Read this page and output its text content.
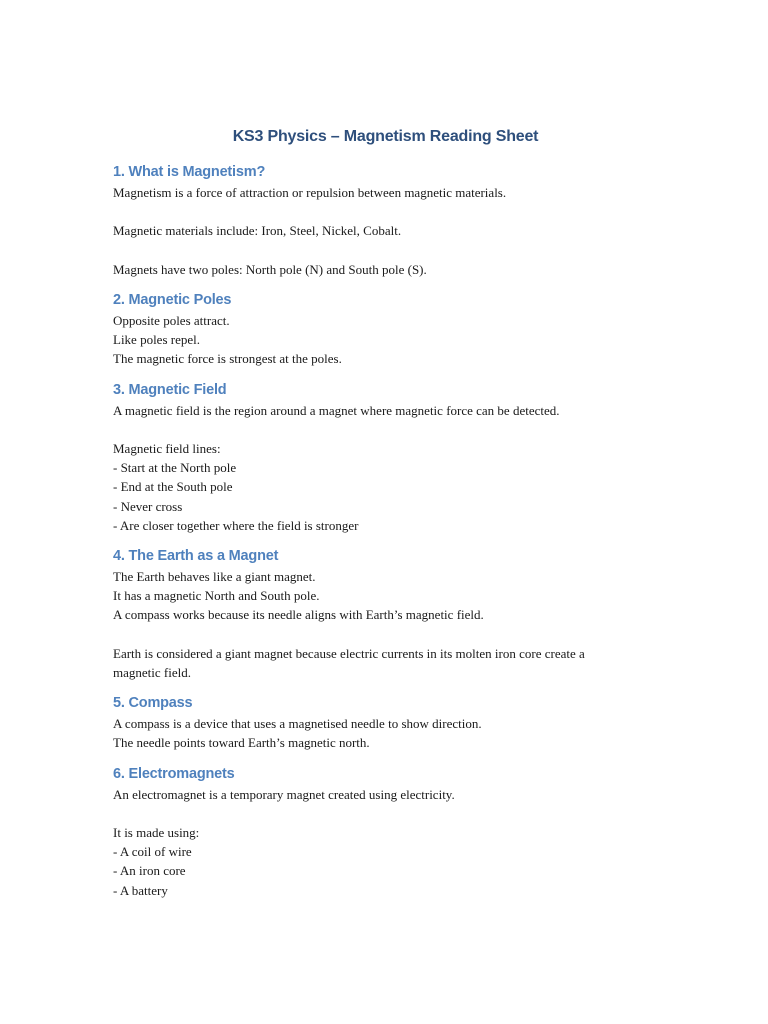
KS3 Physics – Magnetism Reading Sheet
1. What is Magnetism?

Magnetism is a force of attraction or repulsion between magnetic materials.

Magnetic materials include: Iron, Steel, Nickel, Cobalt.

Magnets have two poles: North pole (N) and South pole (S).

2. Magnetic Poles

Opposite poles attract.
Like poles repel.
The magnetic force is strongest at the poles.

3. Magnetic Field

A magnetic field is the region around a magnet where magnetic force can be detected.

Magnetic field lines:
- Start at the North pole
- End at the South pole
- Never cross
- Are closer together where the field is stronger

4. The Earth as a Magnet

The Earth behaves like a giant magnet.
It has a magnetic North and South pole.
A compass works because its needle aligns with Earth’s magnetic field.

Earth is considered a giant magnet because electric currents in its molten iron core create a
magnetic field.

5. Compass

A compass is a device that uses a magnetised needle to show direction.
The needle points toward Earth’s magnetic north.

6. Electromagnets

An electromagnet is a temporary magnet created using electricity.

It is made using:
- A coil of wire
- An iron core
- A battery
